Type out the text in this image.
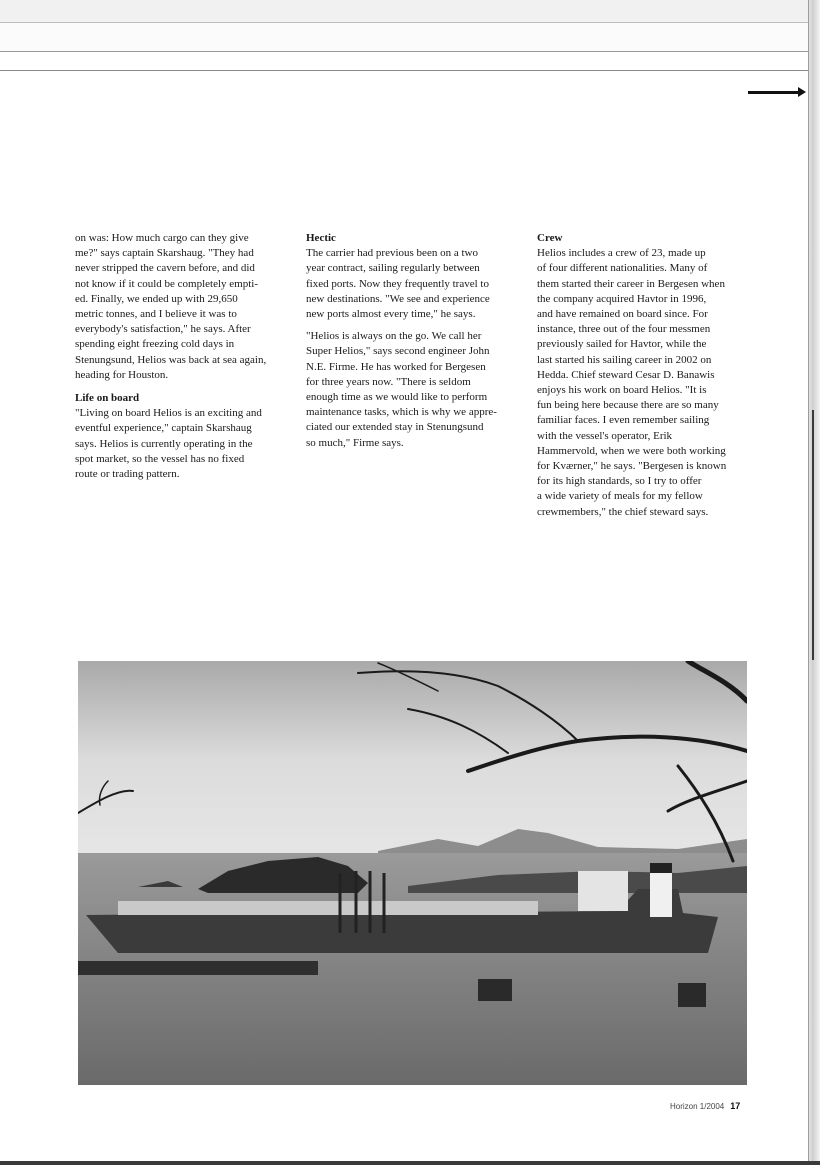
on was: How much cargo can they give
me?" says captain Skarshaug. "They had
never stripped the cavern before, and did
not know if it could be completely empti-
ed. Finally, we ended up with 29,650
metric tonnes, and I believe it was to
everybody's satisfaction," he says. After
spending eight freezing cold days in
Stenungsund, Helios was back at sea again,
heading for Houston.

Life on board

"Living on board Helios is an exciting and
eventful experience," captain Skarshaug
says. Helios is currently operating in the
spot market, so the vessel has no fixed
route or trading pattern.

Hectic

The carrier had previous been on a two
year contract, sailing regularly between
fixed ports. Now they frequently travel to
new destinations. "We see and experience
new ports almost every time," he says.

"Helios is always on the go. We call her
Super Helios," says second engineer John
N.E. Firme. He has worked for Bergesen
for three years now. "There is seldom
enough time as we would like to perform
maintenance tasks, which is why we appre-
ciated our extended stay in Stenungsund
so much," Firme says.

Crew

Helios includes a crew of 23, made up
of four different nationalities. Many of
them started their career in Bergesen when
the company acquired Havtor in 1996,
and have remained on board since. For
instance, three out of the four messmen
previously sailed for Havtor, while the
last started his sailing career in 2002 on
Hedda. Chief steward Cesar D. Banawis
enjoys his work on board Helios. "It is
fun being here because there are so many
familiar faces. I even remember sailing
with the vessel's operator, Erik
Hammervold, when we were both working
for Kværner," he says. "Bergesen is known
for its high standards, so I try to offer
a wide variety of meals for my fellow
crewmembers," the chief steward says.

Horizon 1/2004 17
